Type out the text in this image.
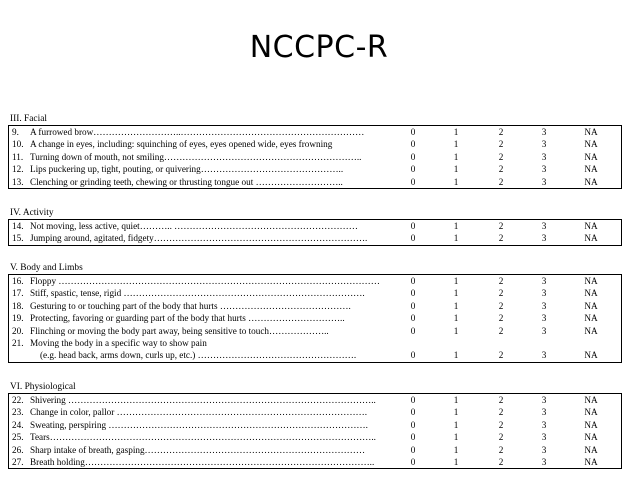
NCCPC-R
III. Facial
9. A furrowed brow………………………..……………………………………………………	0	1	2	3	NA
10. A change in eyes, including: squinching of eyes, eyes opened wide, eyes frowning	0	1	2	3	NA
11. Turning down of mouth, not smiling………………………………………………………..	0	1	2	3	NA
12. Lips puckering up, tight, pouting, or quivering………………………………………..	0	1	2	3	NA
13. Clenching or grinding teeth, chewing or thrusting tongue out ………………………..	0	1	2	3	NA
IV. Activity
14. Not moving, less active, quiet……….. ……………………………………………………	0	1	2	3	NA
15. Jumping around, agitated, fidgety…………………………………………………………….	0	1	2	3	NA
V. Body and Limbs
16. Floppy ……………………………………………………………………………………………	0	1	2	3	NA
17. Stiff, spastic, tense, rigid …………………………………………………………………….	0	1	2	3	NA
18. Gesturing to or touching part of the body that hurts …………………………………….	0	1	2	3	NA
19. Protecting, favoring or guarding part of the body that hurts …………………………..	0	1	2	3	NA
20. Flinching or moving the body part away, being sensitive to touch………………..	0	1	2	3	NA
21. Moving the body in a specific way to show pain
(e.g. head back, arms down, curls up, etc.) …………………………………………….	0	1	2	3	NA
VI. Physiological
22. Shivering ………………………………………………………………………………………..	0	1	2	3	NA
23. Change in color, pallor ……………………………………………………………………….	0	1	2	3	NA
24. Sweating, perspiring ………………………………………………………………………….	0	1	2	3	NA
25. Tears……………………………………………………………………………………………..	0	1	2	3	NA
26. Sharp intake of breath, gasping………………………………………………………………	0	1	2	3	NA
27. Breath holding…………………………………………………………………………………..	0	1	2	3	NA
